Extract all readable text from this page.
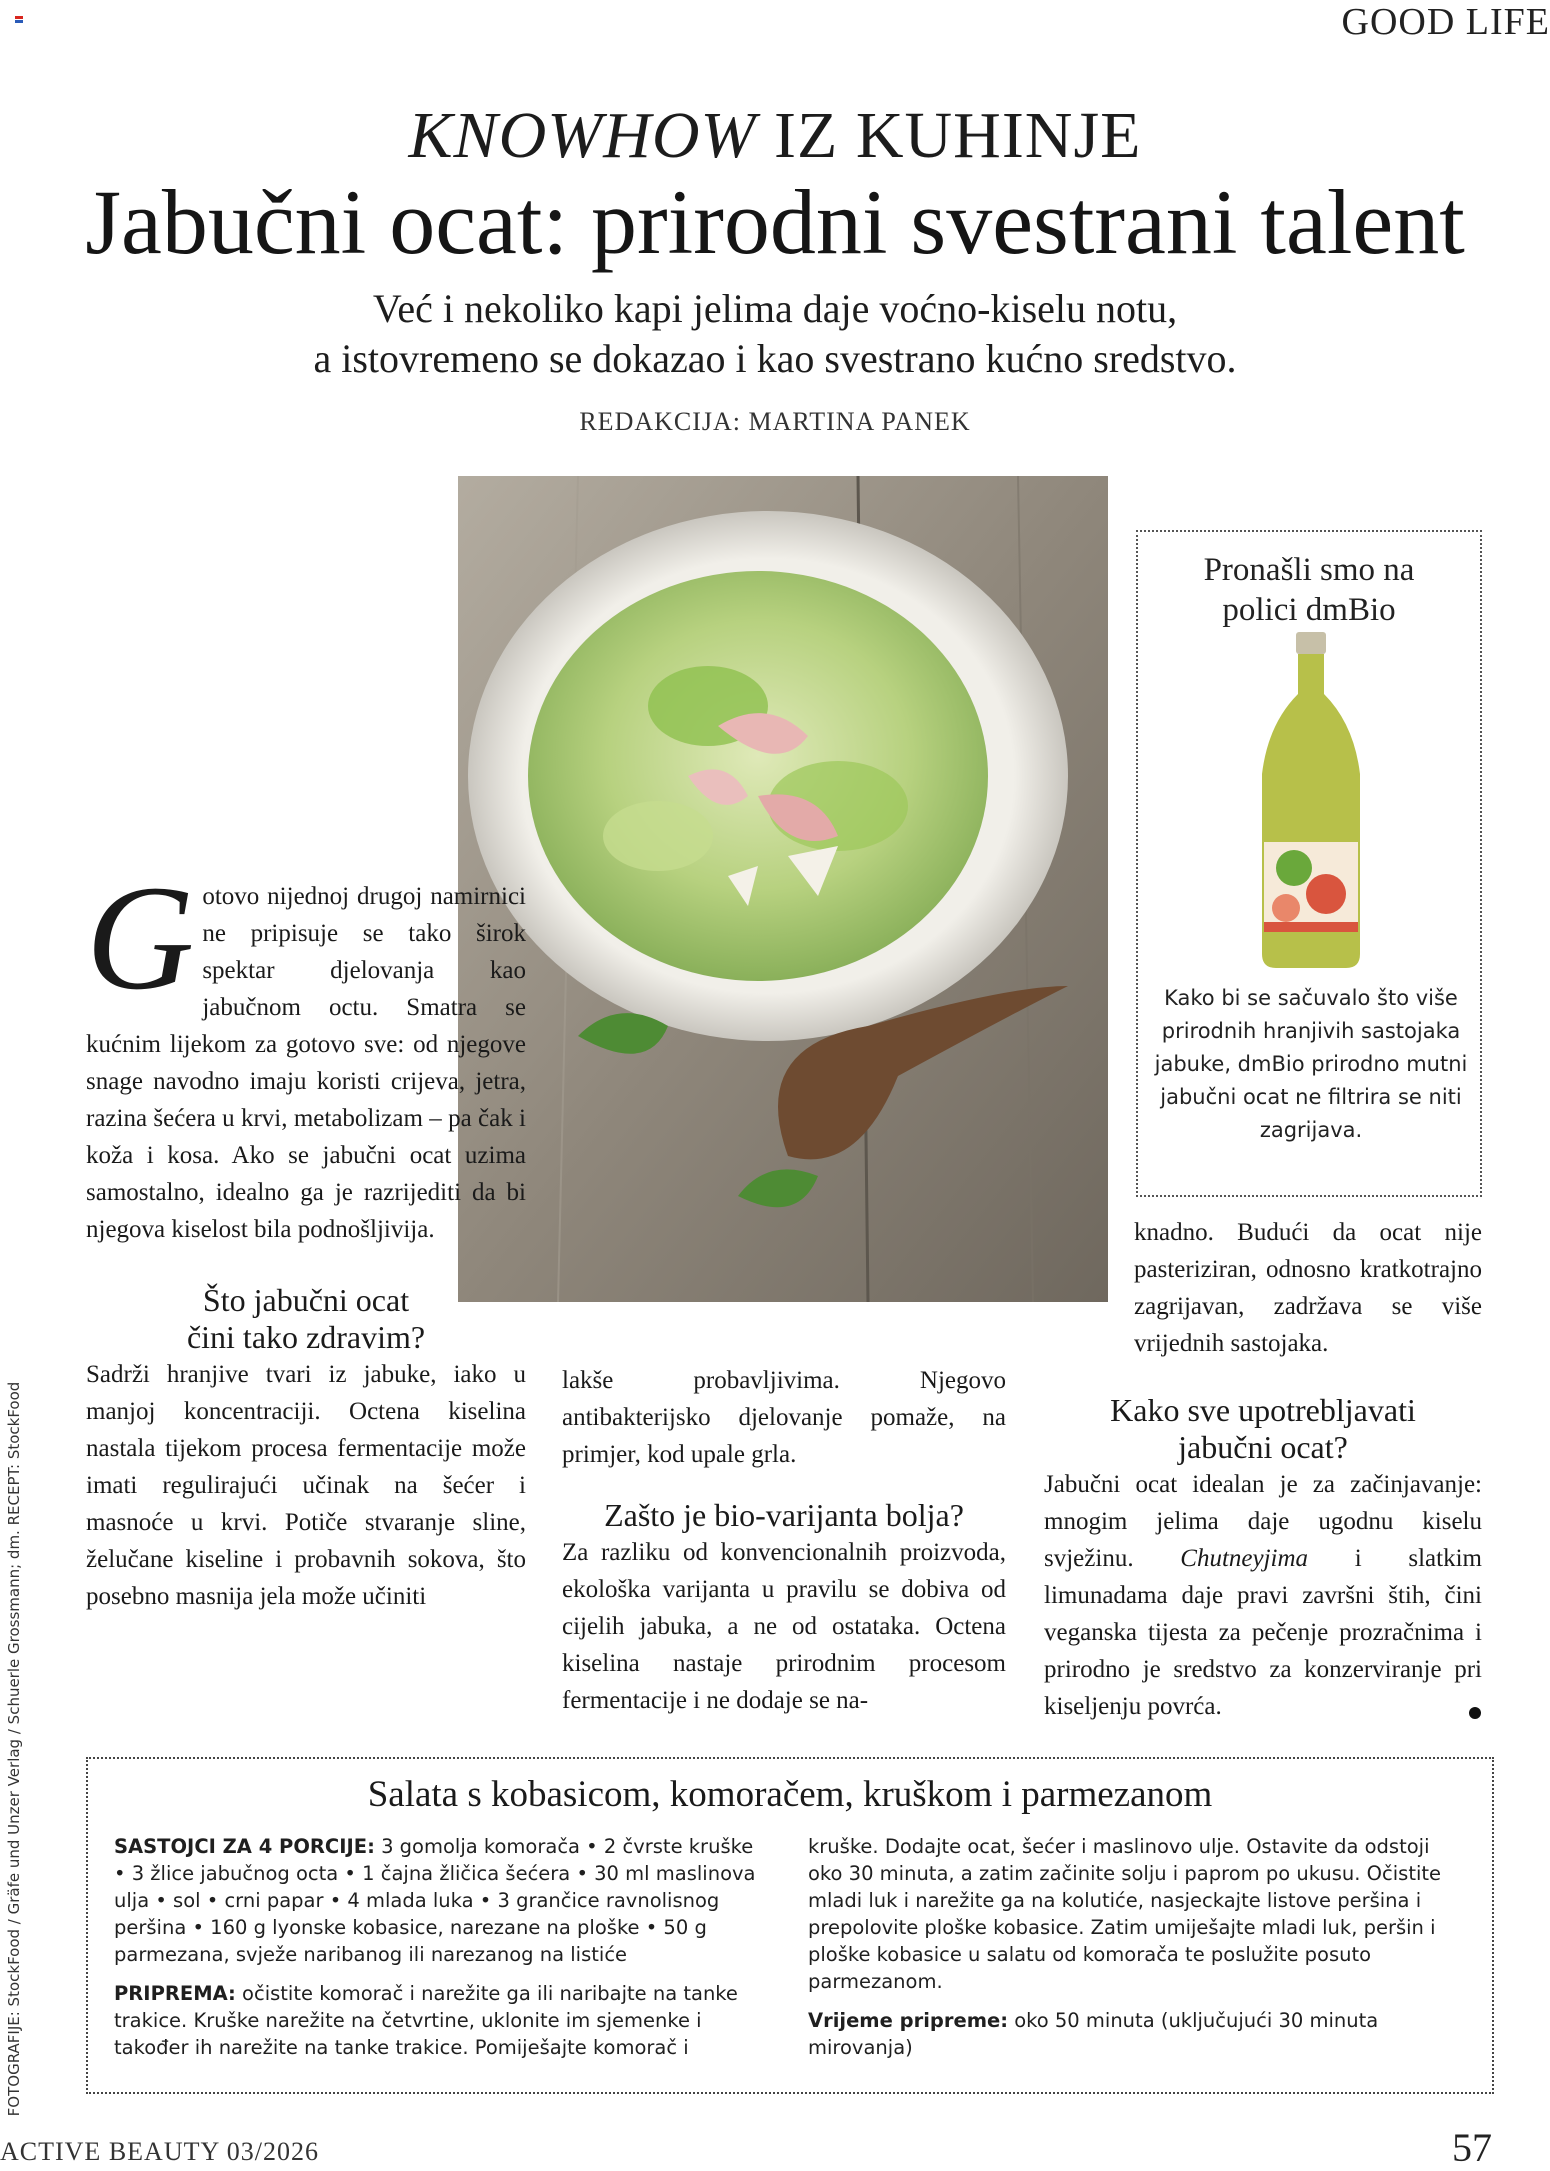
GOOD LIFE
KNOWHOW IZ KUHINJE
Jabučni ocat: prirodni svestrani talent
Već i nekoliko kapi jelima daje voćno-kiselu notu,
a istovremeno se dokazao i kao svestrano kućno sredstvo.
REDAKCIJA: MARTINA PANEK
Pronašli smo na
polici dmBio
Kako bi se sačuvalo što više prirodnih hranjivih sastojaka jabuke, dmBio prirodno mutni jabučni ocat ne filtrira se niti zagrijava.

Gotovo nijednoj drugoj namirnici ne pripisuje se tako širok spektar djelovanja kao jabučnom octu. Smatra se kućnim lijekom za gotovo sve: od njegove snage navodno imaju koristi crijeva, jetra, razina šećera u krvi, metabolizam – pa čak i koža i kosa. Ako se jabučni ocat uzima samostalno, idealno ga je razrijediti da bi njegova kiselost bila podnošljivija.

Što jabučni ocat
čini tako zdravim?

Sadrži hranjive tvari iz jabuke, iako u manjoj koncentraciji. Octena kiselina nastala tijekom procesa fermentacije može imati regulirajući učinak na šećer i masnoće u krvi. Potiče stvaranje sline, želučane kiseline i probavnih sokova, što posebno masnija jela može učiniti

lakše probavljivima. Njegovo antibakterijsko djelovanje pomaže, na primjer, kod upale grla.

Zašto je bio-varijanta bolja?

Za razliku od konvencionalnih proizvoda, ekološka varijanta u pravilu se dobiva od cijelih jabuka, a ne od ostataka. Octena kiselina nastaje prirodnim procesom fermentacije i ne dodaje se na-

knadno. Budući da ocat nije pasteriziran, odnosno kratkotrajno zagrijavan, zadržava se više vrijednih sastojaka.

Kako sve upotrebljavati
jabučni ocat?

Jabučni ocat idealan je za začinjavanje: mnogim jelima daje ugodnu kiselu svježinu. Chutneyjima i slatkim limunadama daje pravi završni štih, čini veganska tijesta za pečenje prozračnima i prirodno je sredstvo za konzerviranje pri kiseljenju povrća.

FOTOGRAFIJE: StockFood / Gräfe und Unzer Verlag / Schuerle Grossmann; dm. RECEPT: StockFood	Salata s kobasicom, komoračem, kruškom i parmezanom

SASTOJCI ZA 4 PORCIJE: 3 gomolja komorača • 2 čvrste kruške • 3 žlice jabučnog octa • 1 čajna žličica šećera • 30 ml maslinova ulja • sol • crni papar • 4 mlada luka • 3 grančice ravnolisnog peršina • 160 g lyonske kobasice, narezane na ploške • 50 g parmezana, svježe naribanog ili narezanog na listiće

PRIPREMA: očistite komorač i narežite ga ili naribajte na tanke trakice. Kruške narežite na četvrtine, uklonite im sjemenke i također ih narežite na tanke trakice. Pomiješajte komorač i

kruške. Dodajte ocat, šećer i maslinovo ulje. Ostavite da odstoji oko 30 minuta, a zatim začinite solju i paprom po ukusu. Očistite mladi luk i narežite ga na kolutiće, nasjeckajte listove peršina i prepolovite ploške kobasice. Zatim umiješajte mladi luk, peršin i ploške kobasice u salatu od komorača te poslužite posuto parmezanom.

Vrijeme pripreme: oko 50 minuta (uključujući 30 minuta mirovanja)

ACTIVE BEAUTY 03/2026	57
